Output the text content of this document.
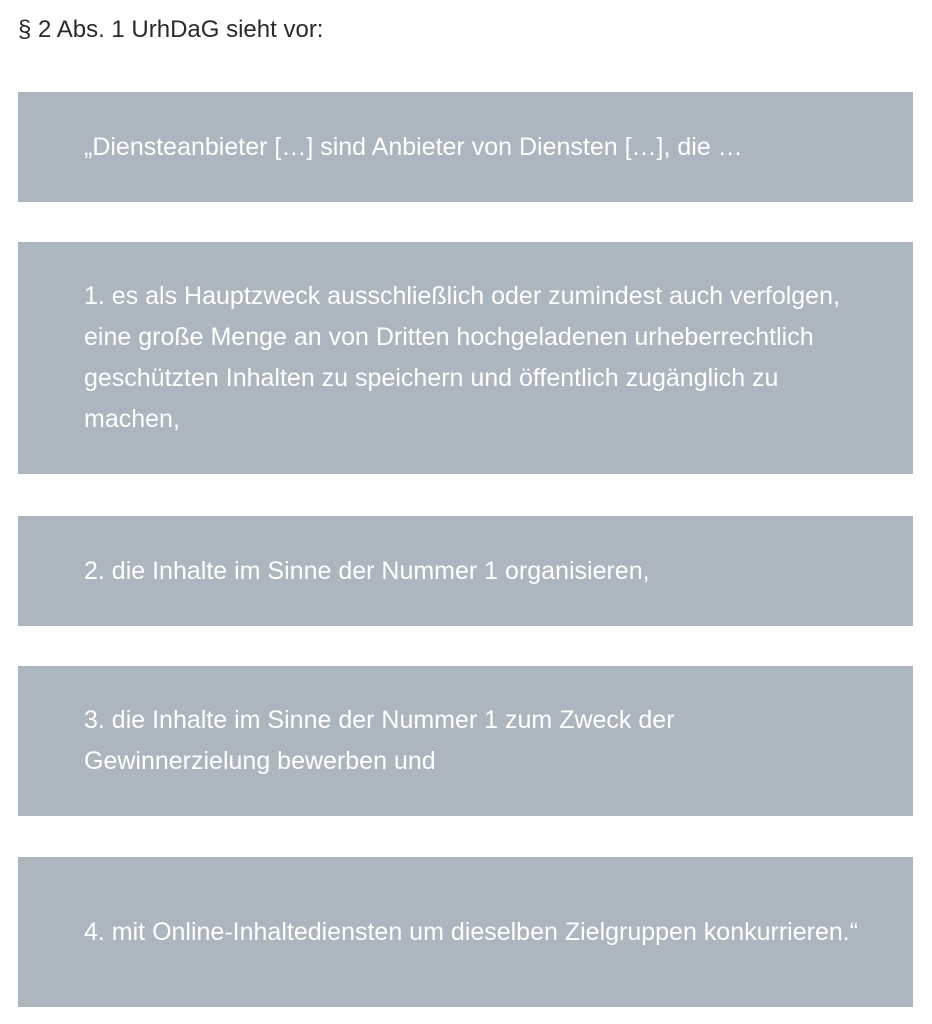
§ 2 Abs. 1 UrhDaG sieht vor:

„Diensteanbieter […] sind Anbieter von Diensten […], die …

1. es als Hauptzweck ausschließlich oder zumindest auch verfolgen, eine große Menge an von Dritten hochgeladenen urheberrechtlich geschützten Inhalten zu speichern und öffentlich zugänglich zu machen,

2. die Inhalte im Sinne der Nummer 1 organisieren,

3. die Inhalte im Sinne der Nummer 1 zum Zweck der Gewinnerzielung bewerben und

4. mit Online-Inhaltediensten um dieselben Zielgruppen konkurrieren.“
